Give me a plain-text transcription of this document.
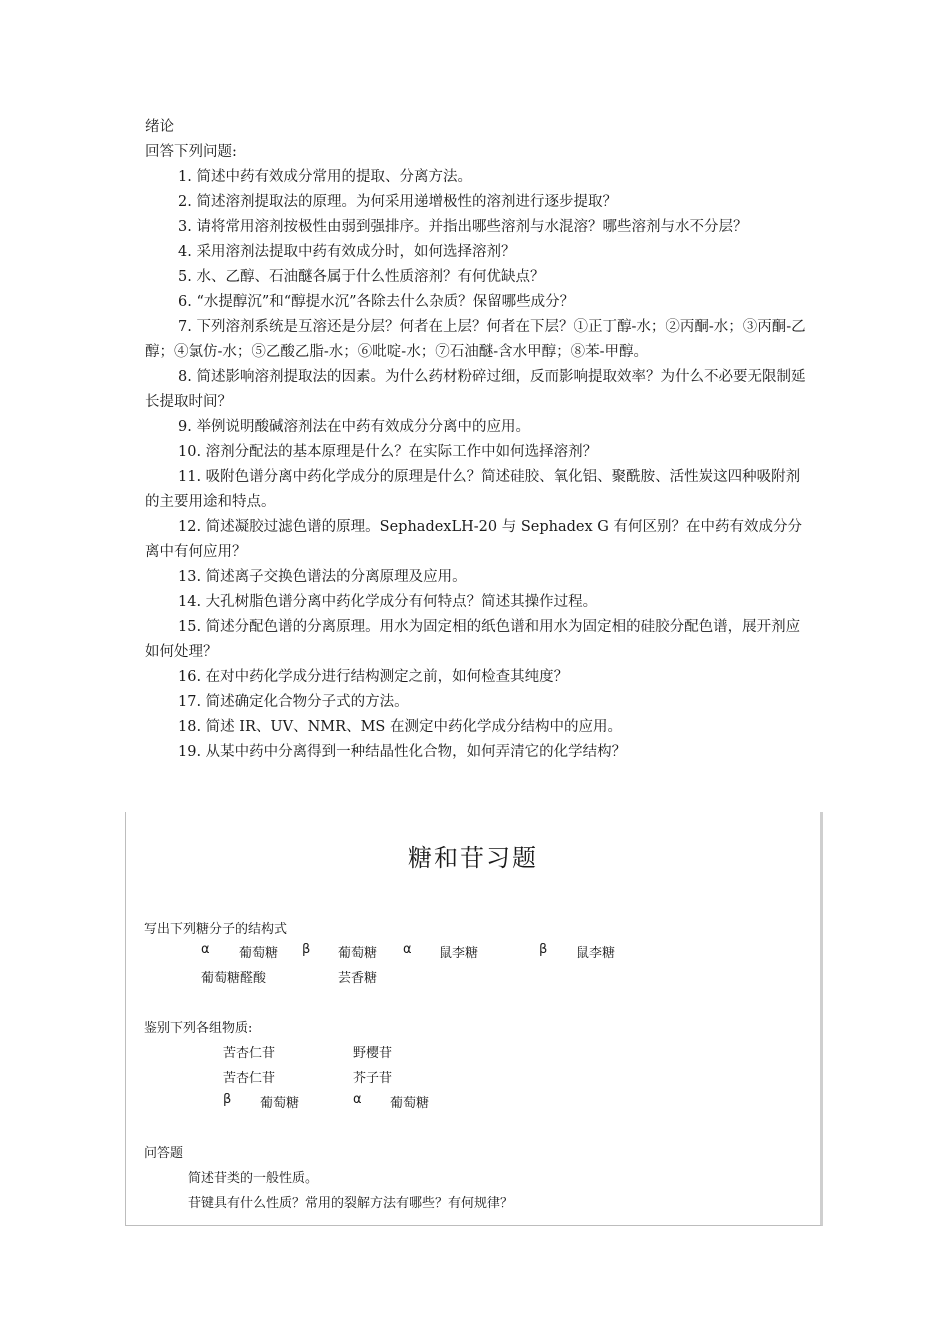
绪论

回答下列问题:

1. 简述中药有效成分常用的提取、分离方法。

2. 简述溶剂提取法的原理。为何采用递增极性的溶剂进行逐步提取？

3. 请将常用溶剂按极性由弱到强排序。并指出哪些溶剂与水混溶？哪些溶剂与水不分层？

4. 采用溶剂法提取中药有效成分时，如何选择溶剂？

5. 水、乙醇、石油醚各属于什么性质溶剂？有何优缺点？

6. “水提醇沉”和“醇提水沉”各除去什么杂质？保留哪些成分？

7. 下列溶剂系统是互溶还是分层？何者在上层？何者在下层？①正丁醇-水；②丙酮-水；③丙酮-乙醇；④氯仿-水；⑤乙酸乙脂-水；⑥吡啶-水；⑦石油醚-含水甲醇；⑧苯-甲醇。

8. 简述影响溶剂提取法的因素。为什么药材粉碎过细，反而影响提取效率？为什么不必要无限制延长提取时间？

9. 举例说明酸碱溶剂法在中药有效成分分离中的应用。

10. 溶剂分配法的基本原理是什么？在实际工作中如何选择溶剂？

11. 吸附色谱分离中药化学成分的原理是什么？简述硅胶、氧化铝、聚酰胺、活性炭这四种吸附剂的主要用途和特点。

12. 简述凝胶过滤色谱的原理。SephadexLH-20 与 Sephadex G 有何区别？在中药有效成分分离中有何应用？

13. 简述离子交换色谱法的分离原理及应用。

14. 大孔树脂色谱分离中药化学成分有何特点？简述其操作过程。

15. 简述分配色谱的分离原理。用水为固定相的纸色谱和用水为固定相的硅胶分配色谱，展开剂应如何处理？

16. 在对中药化学成分进行结构测定之前，如何检查其纯度？

17. 简述确定化合物分子式的方法。

18. 简述 IR、UV、NMR、MS 在测定中药化学成分结构中的应用。

19. 从某中药中分离得到一种结晶性化合物，如何弄清它的化学结构？

糖和苷习题
写出下列糖分子的结构式
α 葡萄糖 β 葡萄糖 α 鼠李糖	β 鼠李糖
葡萄糖醛酸	芸香糖
鉴别下列各组物质:
苦杏仁苷	野樱苷
苦杏仁苷	芥子苷
β 葡萄糖	α 葡萄糖
问答题
简述苷类的一般性质。
苷键具有什么性质？常用的裂解方法有哪些？有何规律？
